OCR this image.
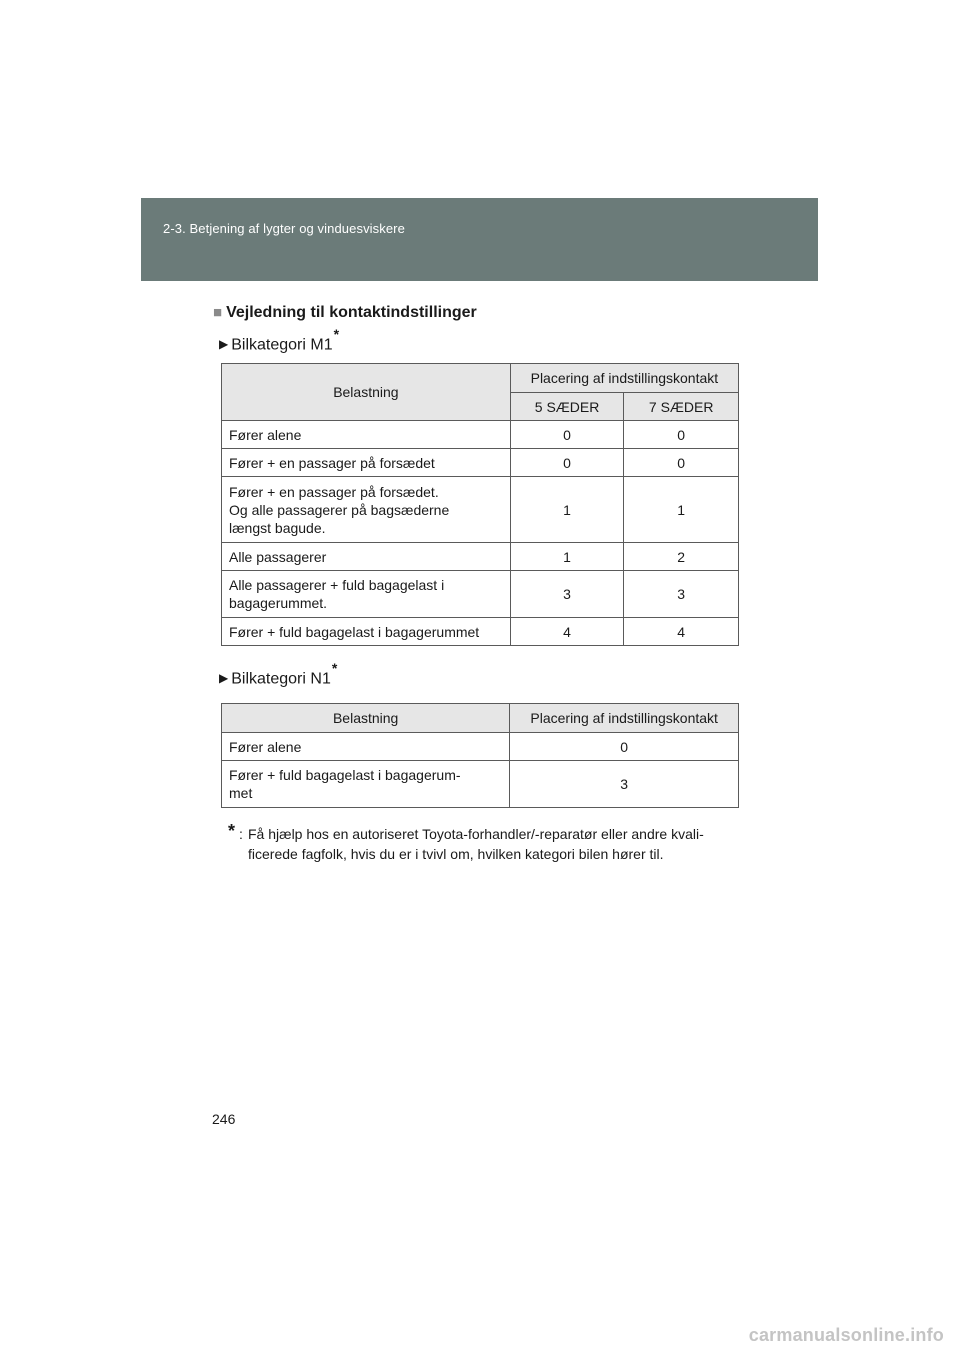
2-3. Betjening af lygter og vinduesviskere
■ Vejledning til kontaktindstillinger
▶ Bilkategori M1*
Belastning	Placering af indstillingskontakt	
	5 SÆDER	7 SÆDER
Fører alene	0	0
Fører + en passager på forsædet	0	0
Fører + en passager på forsædet.
Og alle passagerer på bagsæderne
længst bagude.	1	1
Alle passagerer	1	2
Alle passagerer + fuld bagagelast i
bagagerummet.	3	3
Fører + fuld bagagelast i bagagerummet	4	4
▶ Bilkategori N1*
Belastning	Placering af indstillingskontakt
Fører alene	0
Fører + fuld bagagelast i bagagerum-
met	3
* : Få hjælp hos en autoriseret Toyota-forhandler/-reparatør eller andre kvali-
ficerede fagfolk, hvis du er i tvivl om, hvilken kategori bilen hører til.
246
carmanualsonline.info
